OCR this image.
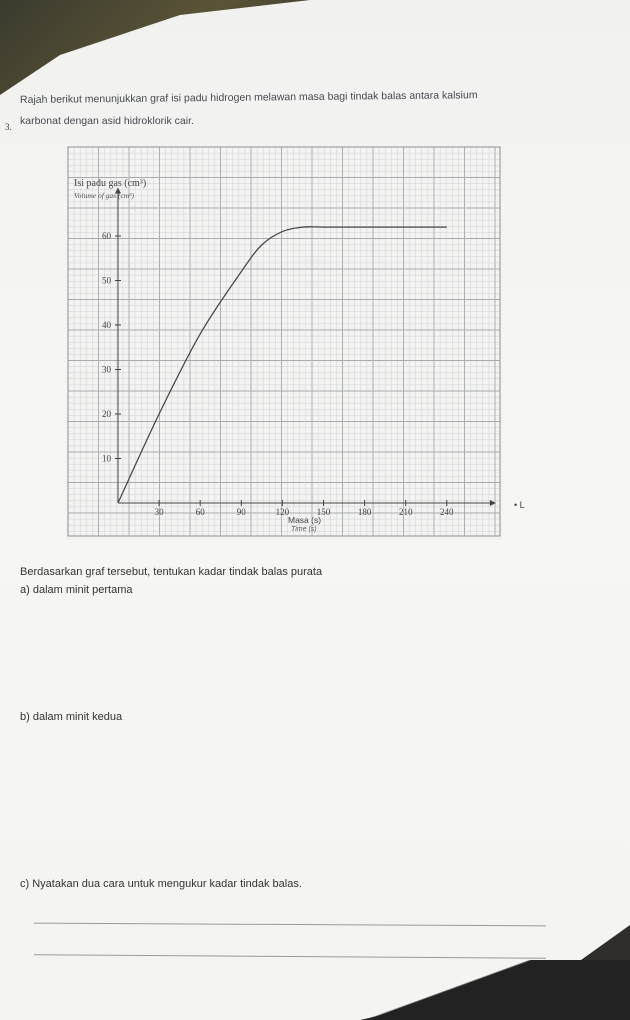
3.
Rajah berikut menunjukkan graf isi padu hidrogen melawan masa bagi tindak balas antara kalsium
karbonat dengan asid hidroklorik cair.
30	60	90	120	150	180	210	240
10
20
30
40
50
60
Isi padu gas (cm³)
Volume of gas (cm³)
Masa (s)
Time (s)
• L
Berdasarkan graf tersebut, tentukan kadar tindak balas purata
a) dalam minit pertama
b) dalam minit kedua
c) Nyatakan dua cara untuk mengukur kadar tindak balas.
